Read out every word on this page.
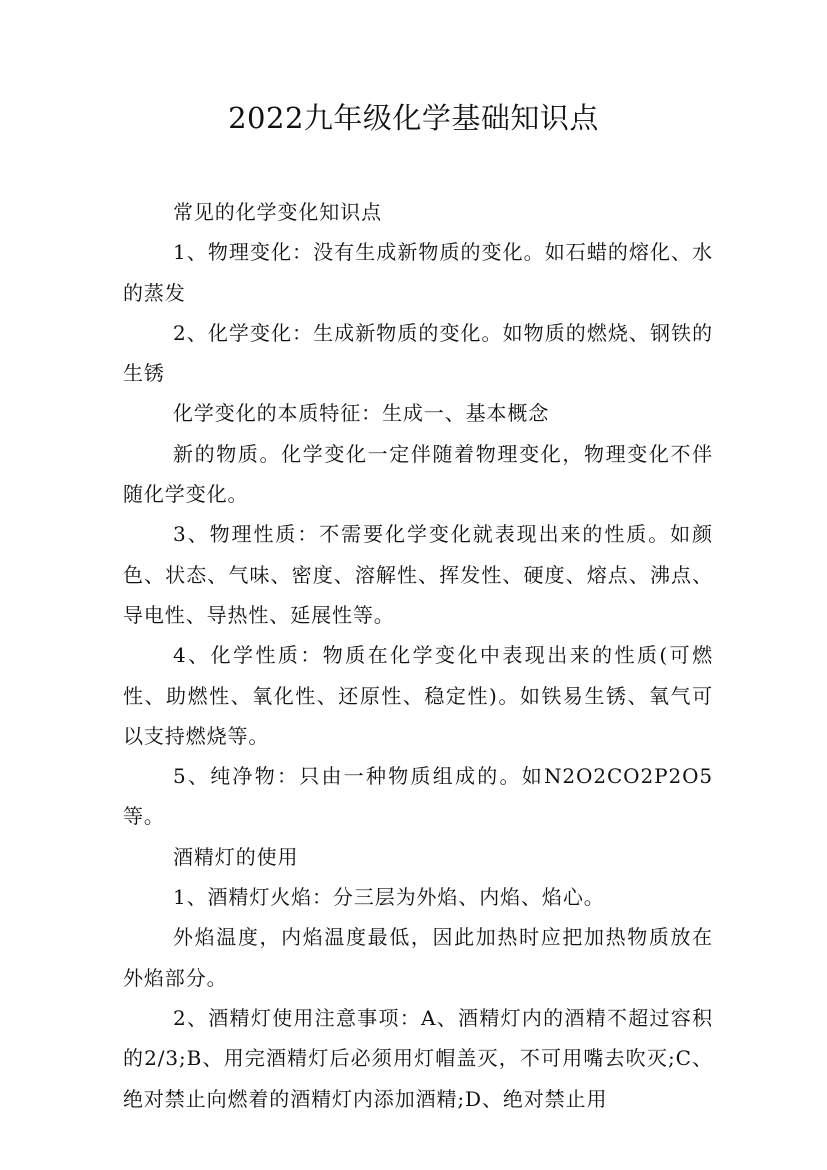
2022九年级化学基础知识点

常见的化学变化知识点

1、物理变化：没有生成新物质的变化。如石蜡的熔化、水的蒸发

2、化学变化：生成新物质的变化。如物质的燃烧、钢铁的生锈

化学变化的本质特征：生成一、基本概念

新的物质。化学变化一定伴随着物理变化，物理变化不伴随化学变化。

3、物理性质：不需要化学变化就表现出来的性质。如颜色、状态、气味、密度、溶解性、挥发性、硬度、熔点、沸点、导电性、导热性、延展性等。

4、化学性质：物质在化学变化中表现出来的性质(可燃性、助燃性、氧化性、还原性、稳定性)。如铁易生锈、氧气可以支持燃烧等。

5、纯净物：只由一种物质组成的。如N2O2CO2P2O5等。

酒精灯的使用

1、酒精灯火焰：分三层为外焰、内焰、焰心。

外焰温度，内焰温度最低，因此加热时应把加热物质放在外焰部分。

2、酒精灯使用注意事项：A、酒精灯内的酒精不超过容积的2/3;B、用完酒精灯后必须用灯帽盖灭，不可用嘴去吹灭;C、绝对禁止向燃着的酒精灯内添加酒精;D、绝对禁止用
